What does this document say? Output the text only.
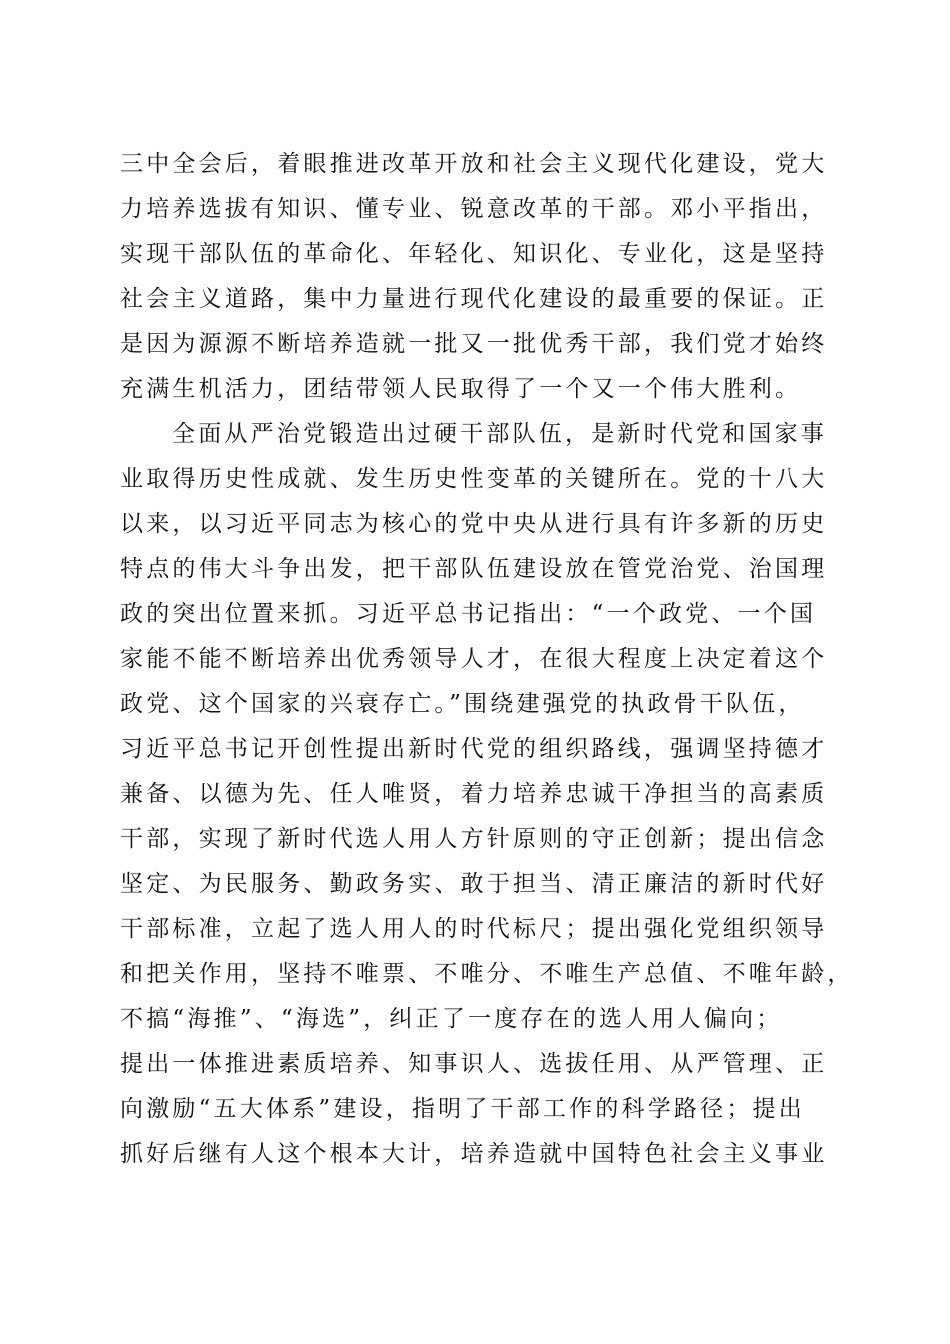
三中全会后，着眼推进改革开放和社会主义现代化建设，党大
力培养选拔有知识、懂专业、锐意改革的干部。邓小平指出，
实现干部队伍的革命化、年轻化、知识化、专业化，这是坚持
社会主义道路，集中力量进行现代化建设的最重要的保证。正
是因为源源不断培养造就一批又一批优秀干部，我们党才始终
充满生机活力，团结带领人民取得了一个又一个伟大胜利。
全面从严治党锻造出过硬干部队伍，是新时代党和国家事
业取得历史性成就、发生历史性变革的关键所在。党的十八大
以来，以习近平同志为核心的党中央从进行具有许多新的历史
特点的伟大斗争出发，把干部队伍建设放在管党治党、治国理
政的突出位置来抓。习近平总书记指出：“一个政党、一个国
家能不能不断培养出优秀领导人才，在很大程度上决定着这个
政党、这个国家的兴衰存亡。”围绕建强党的执政骨干队伍，
习近平总书记开创性提出新时代党的组织路线，强调坚持德才
兼备、以德为先、任人唯贤，着力培养忠诚干净担当的高素质
干部，实现了新时代选人用人方针原则的守正创新；提出信念
坚定、为民服务、勤政务实、敢于担当、清正廉洁的新时代好
干部标准，立起了选人用人的时代标尺；提出强化党组织领导
和把关作用，坚持不唯票、不唯分、不唯生产总值、不唯年龄，
不搞“海推”、“海选”，纠正了一度存在的选人用人偏向；
提出一体推进素质培养、知事识人、选拔任用、从严管理、正
向激励“五大体系”建设，指明了干部工作的科学路径；提出
抓好后继有人这个根本大计，培养造就中国特色社会主义事业
